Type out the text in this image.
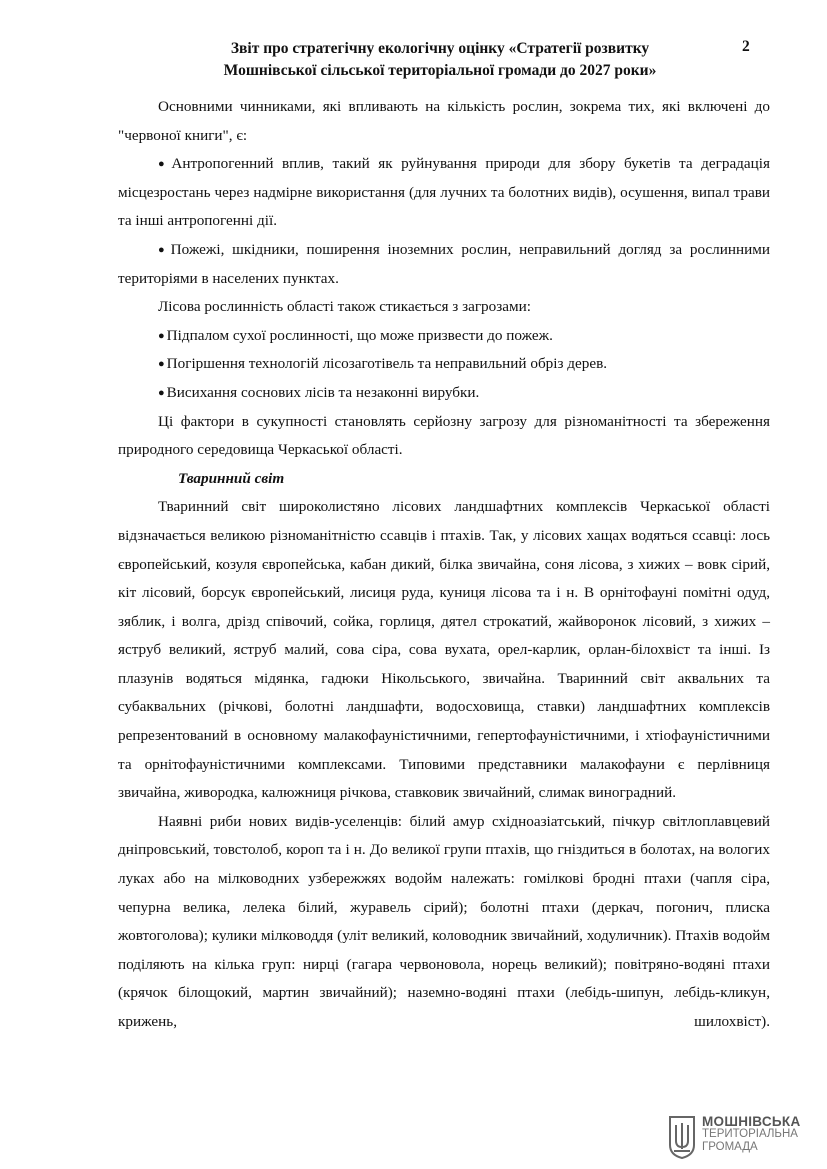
Звіт про стратегічну екологічну оцінку «Стратегії розвитку
Мошнівської сільської територіальної громади до 2027 роки»

2

Основними чинниками, які впливають на кількість рослин, зокрема тих, які включені до "червоної книги", є:

● Антропогенний вплив, такий як руйнування природи для збору букетів та деградація місцезростань через надмірне використання (для лучних та болотних видів), осушення, випал трави та інші антропогенні дії.

● Пожежі, шкідники, поширення іноземних рослин, неправильний догляд за рослинними територіями в населених пунктах.

Лісова рослинність області також стикається з загрозами:

● Підпалом сухої рослинності, що може призвести до пожеж.

● Погіршення технологій лісозаготівель та неправильний обріз дерев.

● Висихання соснових лісів та незаконні вирубки.

Ці фактори в сукупності становлять серйозну загрозу для різноманітності та збереження природного середовища Черкаської області.

Тваринний світ

Тваринний світ широколистяно лісових ландшафтних комплексів Черкаської області відзначається великою різноманітністю ссавців і птахів. Так, у лісових хащах водяться ссавці: лось європейський, козуля європейська, кабан дикий, білка звичайна, соня лісова, з хижих – вовк сірий, кіт лісовий, борсук європейський, лисиця руда, куниця лісова та і н. В орнітофауні помітні одуд, зяблик, і волга, дрізд співочий, сойка, горлиця, дятел строкатий, жайворонок лісовий, з хижих – яструб великий, яструб малий, сова сіра, сова вухата, орел-карлик, орлан-білохвіст та інші. Із плазунів водяться мідянка, гадюки Нікольського, звичайна. Тваринний світ аквальних та субаквальних (річкові, болотні ландшафти, водосховища, ставки) ландшафтних комплексів репрезентований в основному малакофауністичними, гепертофауністичними, і хтіофауністичними та орнітофауністичними комплексами. Типовими представники малакофауни є перлівниця звичайна, живородка, калюжниця річкова, ставковик звичайний, слимак виноградний.

Наявні риби нових видів-уселенців: білий амур східноазіатський, пічкур світлоплавцевий дніпровський, товстолоб, короп та і н. До великої групи птахів, що гніздиться в болотах, на вологих луках або на мілководних узбережжях водойм належать: гомілкові бродні птахи (чапля сіра, чепурна велика, лелека білий, журавель сірий); болотні птахи (деркач, погонич, плиска жовтоголова); кулики мілководдя (уліт великий, коловодник звичайний, ходуличник). Птахів водойм поділяють на кілька груп: нирці (гагара червоновола, норець великий); повітряно-водяні птахи (крячок білощокий, мартин звичайний); наземно-водяні птахи (лебідь-шипун, лебідь-кликун, крижень, шилохвіст).

МОШНІВСЬКА
ТЕРИТОРІАЛЬНА
ГРОМАДА
